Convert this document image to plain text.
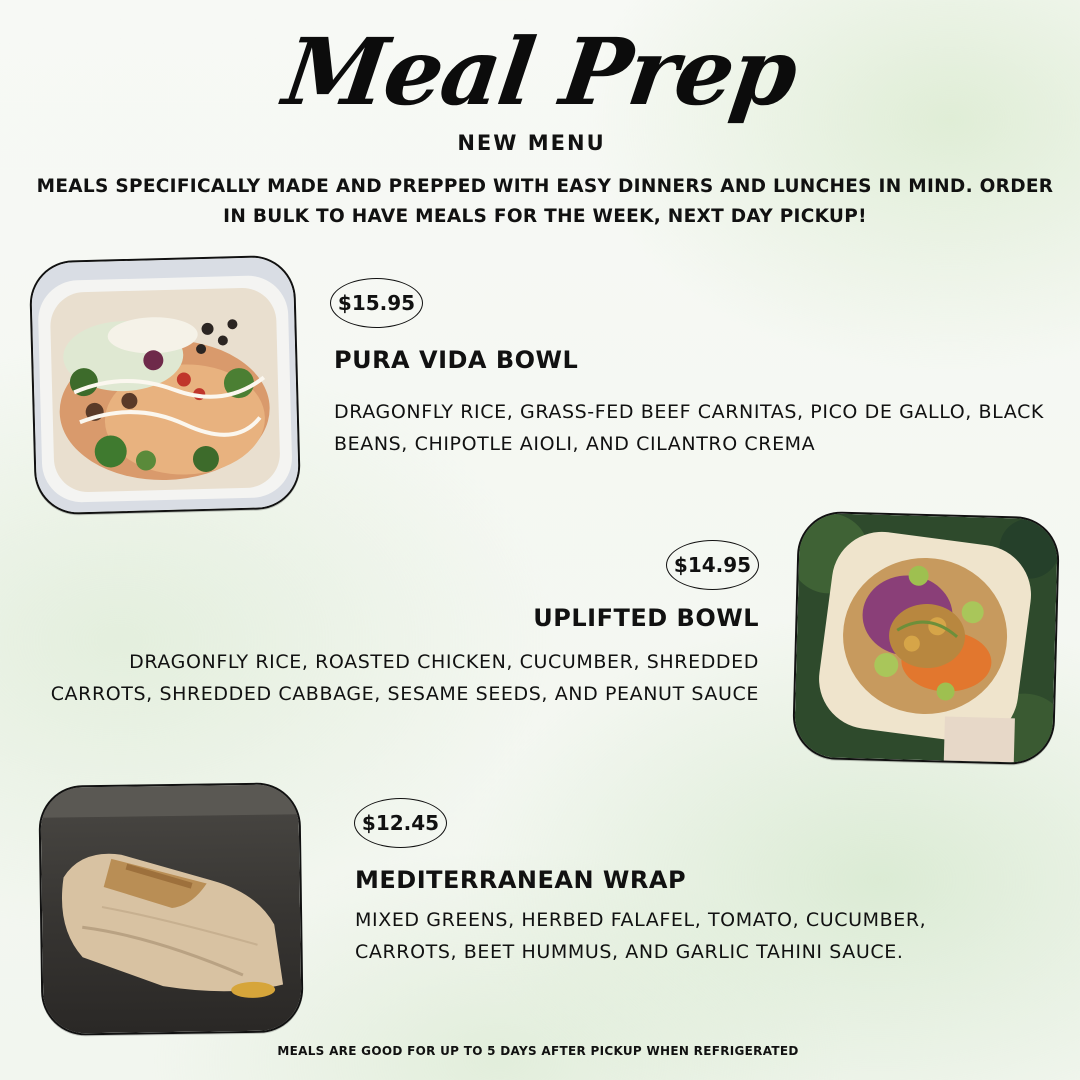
Meal Prep
NEW MENU
MEALS SPECIFICALLY MADE AND PREPPED WITH EASY DINNERS AND LUNCHES IN MIND. ORDER IN BULK TO HAVE MEALS FOR THE WEEK, NEXT DAY PICKUP!
$15.95
PURA VIDA BOWL
DRAGONFLY RICE, GRASS-FED BEEF CARNITAS, PICO DE GALLO, BLACK BEANS, CHIPOTLE AIOLI, AND CILANTRO CREMA
$14.95
UPLIFTED BOWL
DRAGONFLY RICE, ROASTED CHICKEN, CUCUMBER, SHREDDED CARROTS, SHREDDED CABBAGE, SESAME SEEDS, AND PEANUT SAUCE
$12.45
MEDITERRANEAN WRAP
MIXED GREENS, HERBED FALAFEL, TOMATO, CUCUMBER, CARROTS, BEET HUMMUS, AND GARLIC TAHINI SAUCE.
MEALS ARE GOOD FOR UP TO 5 DAYS AFTER PICKUP WHEN REFRIGERATED
